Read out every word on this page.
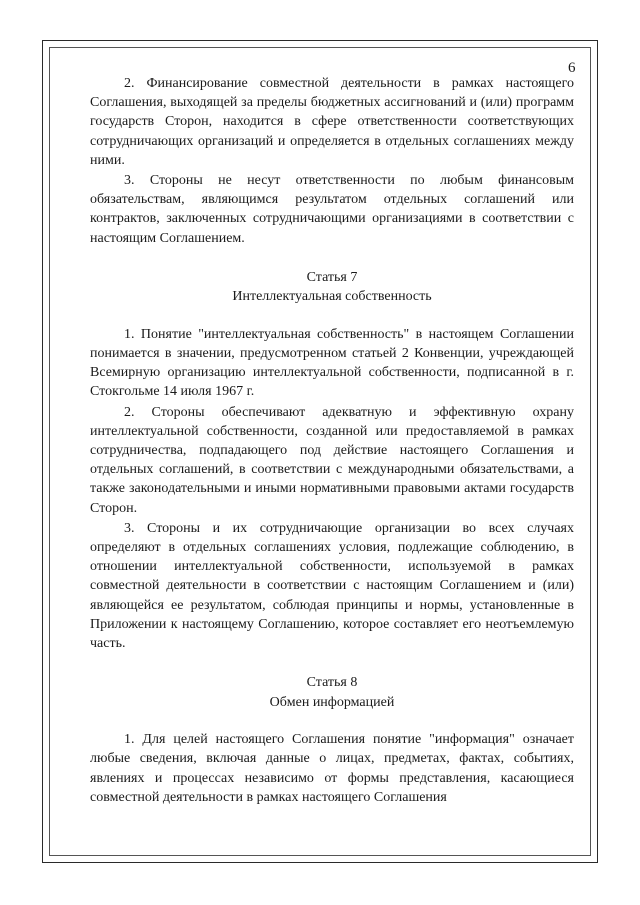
6

2. Финансирование совместной деятельности в рамках настоящего Соглашения, выходящей за пределы бюджетных ассигнований и (или) программ государств Сторон, находится в сфере ответственности соответствующих сотрудничающих организаций и определяется в отдельных соглашениях между ними.

3. Стороны не несут ответственности по любым финансовым обязательствам, являющимся результатом отдельных соглашений или контрактов, заключенных сотрудничающими организациями в соответствии с настоящим Соглашением.

Статья 7

Интеллектуальная собственность

1. Понятие "интеллектуальная собственность" в настоящем Соглашении понимается в значении, предусмотренном статьей 2 Конвенции, учреждающей Всемирную организацию интеллектуальной собственности, подписанной в г. Стокгольме 14 июля 1967 г.

2. Стороны обеспечивают адекватную и эффективную охрану интеллектуальной собственности, созданной или предоставляемой в рамках сотрудничества, подпадающего под действие настоящего Соглашения и отдельных соглашений, в соответствии с международными обязательствами, а также законодательными и иными нормативными правовыми актами государств Сторон.

3. Стороны и их сотрудничающие организации во всех случаях определяют в отдельных соглашениях условия, подлежащие соблюдению, в отношении интеллектуальной собственности, используемой в рамках совместной деятельности в соответствии с настоящим Соглашением и (или) являющейся ее результатом, соблюдая принципы и нормы, установленные в Приложении к настоящему Соглашению, которое составляет его неотъемлемую часть.

Статья 8

Обмен информацией

1. Для целей настоящего Соглашения понятие "информация" означает любые сведения, включая данные о лицах, предметах, фактах, событиях, явлениях и процессах независимо от формы представления, касающиеся совместной деятельности в рамках настоящего Соглашения
